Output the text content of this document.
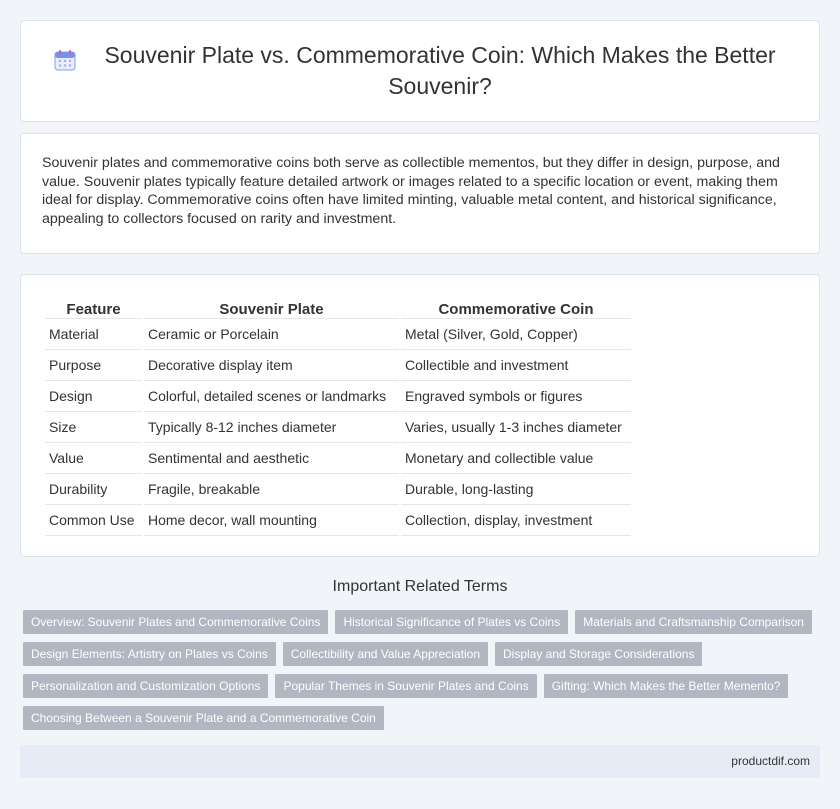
Souvenir Plate vs. Commemorative Coin: Which Makes the Better Souvenir?

Souvenir plates and commemorative coins both serve as collectible mementos, but they differ in design, purpose, and value. Souvenir plates typically feature detailed artwork or images related to a specific location or event, making them ideal for display. Commemorative coins often have limited minting, valuable metal content, and historical significance, appealing to collectors focused on rarity and investment.

Feature	Souvenir Plate	Commemorative Coin
Material	Ceramic or Porcelain	Metal (Silver, Gold, Copper)
Purpose	Decorative display item	Collectible and investment
Design	Colorful, detailed scenes or landmarks	Engraved symbols or figures
Size	Typically 8-12 inches diameter	Varies, usually 1-3 inches diameter
Value	Sentimental and aesthetic	Monetary and collectible value
Durability	Fragile, breakable	Durable, long-lasting
Common Use	Home decor, wall mounting	Collection, display, investment
Important Related Terms
Overview: Souvenir Plates and Commemorative Coins	Historical Significance of Plates vs Coins	Materials and Craftsmanship Comparison
Design Elements: Artistry on Plates vs Coins	Collectibility and Value Appreciation	Display and Storage Considerations
Personalization and Customization Options	Popular Themes in Souvenir Plates and Coins	Gifting: Which Makes the Better Memento?
Choosing Between a Souvenir Plate and a Commemorative Coin
productdif.com
